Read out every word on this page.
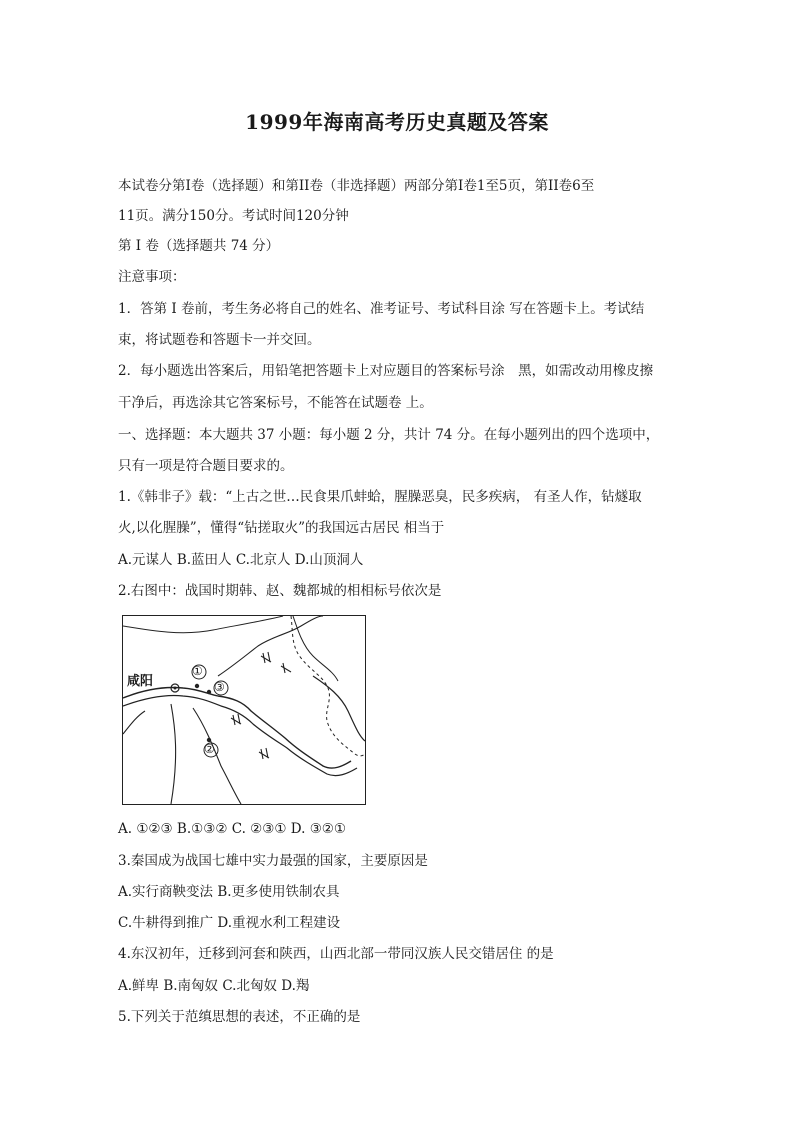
1999年海南高考历史真题及答案
本试卷分第Ⅰ卷（选择题）和第II卷（非选择题）两部分第Ⅰ卷1至5页，第II卷6至
11页。满分150分。考试时间120分钟
第 Ⅰ 卷（选择题共 74 分）
注意事项：
1．答第 Ⅰ 卷前，考生务必将自己的姓名、准考证号、考试科目涂 写在答题卡上。考试结
束，将试题卷和答题卡一并交回。
2．每小题选出答案后，用铅笔把答题卡上对应题目的答案标号涂　黑，如需改动用橡皮擦
干净后，再选涂其它答案标号，不能答在试题卷 上。
一、选择题：本大题共 37 小题：每小题 2 分，共计 74 分。在每小题列出的四个选项中，
只有一项是符合题目要求的。
1.《韩非子》载：“上古之世…民食果爪蚌蛤，腥臊恶臭，民多疾病， 有圣人作，钻燧取
火,以化腥臊”，懂得“钻搓取火”的我国远古居民 相当于
A.元谋人 B.蓝田人 C.北京人 D.山顶洞人
2.右图中：战国时期韩、赵、魏都城的相相标号依次是
咸阳
①
③
②
A. ①②③ B.①③② C. ②③① D. ③②①
3.秦国成为战国七雄中实力最强的国家，主要原因是
A.实行商鞅变法 B.更多使用铁制农具
C.牛耕得到推广 D.重视水利工程建设
4.东汉初年，迁移到河套和陕西，山西北部一带同汉族人民交错居住 的是
A.鲜卑 B.南匈奴 C.北匈奴 D.羯
5.下列关于范缜思想的表述，不正确的是
